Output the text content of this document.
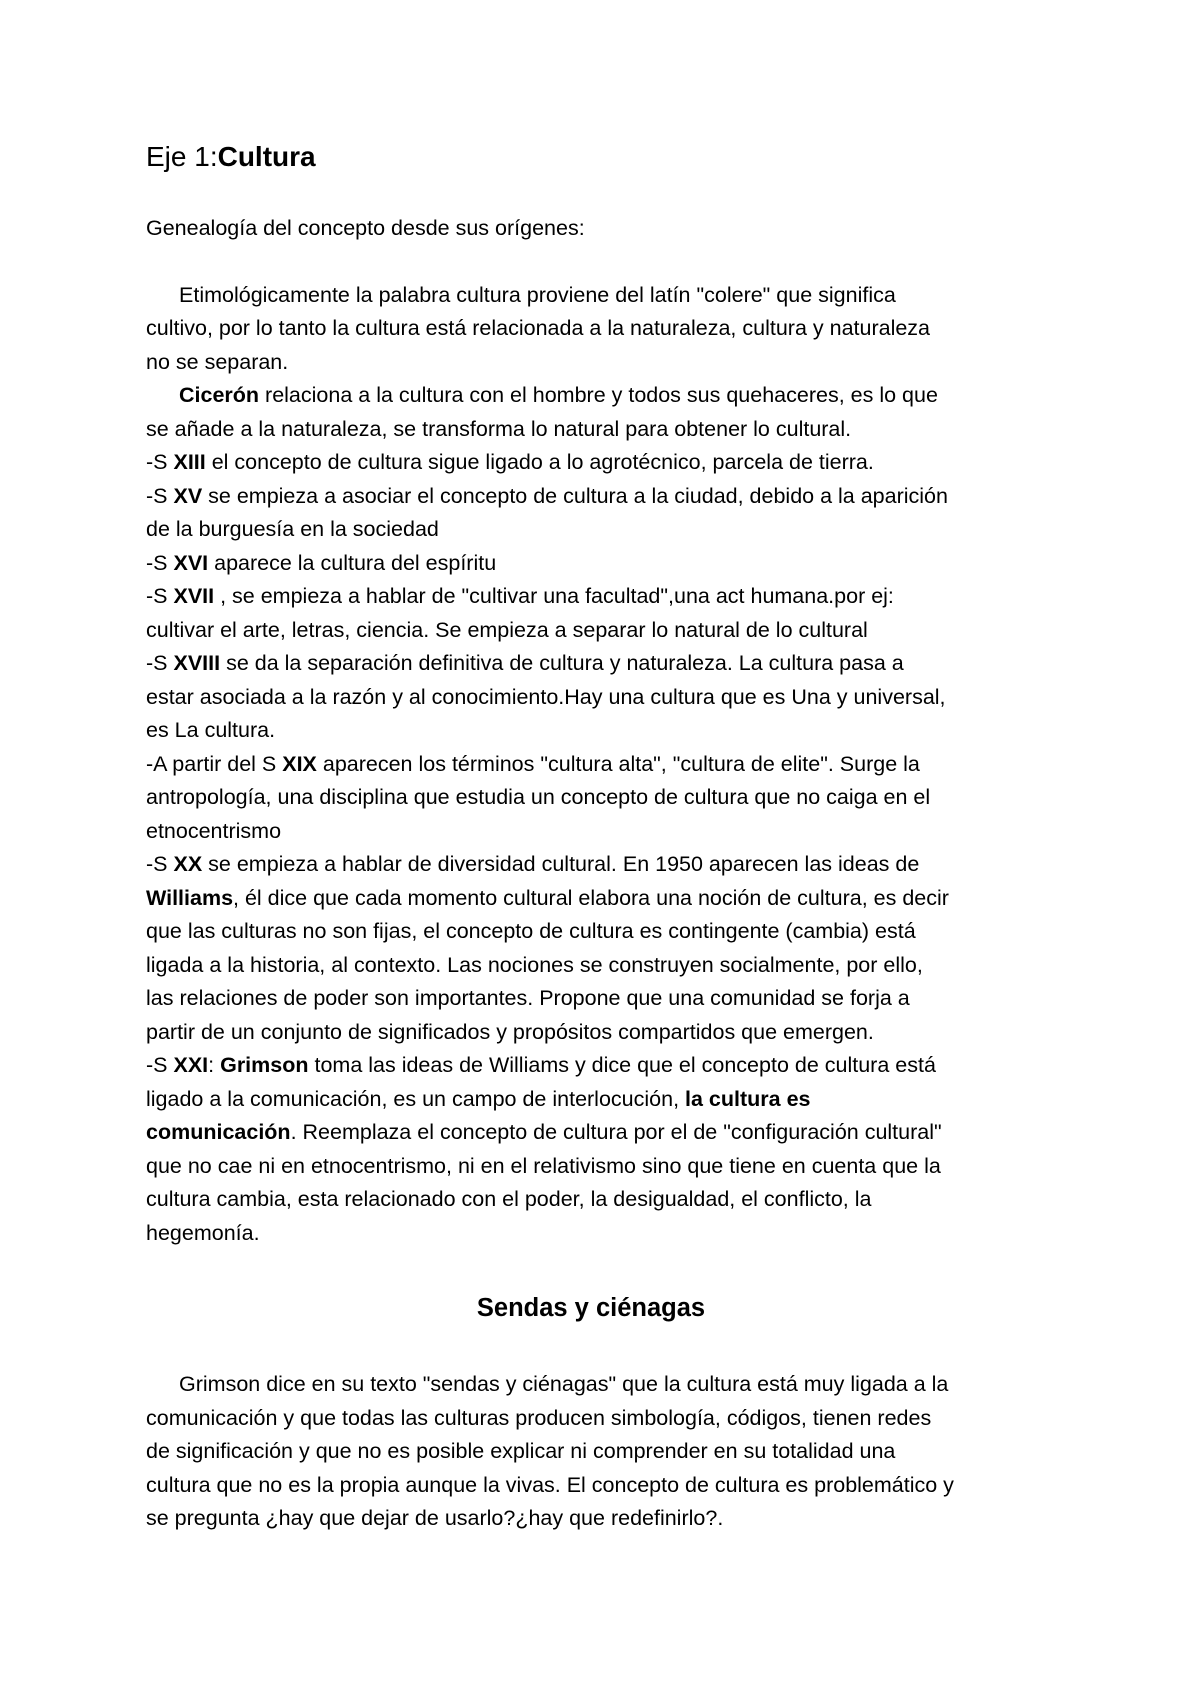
Eje 1:Cultura

Genealogía del concepto desde sus orígenes:

Etimológicamente la palabra cultura proviene del latín "colere" que significa
cultivo, por lo tanto la cultura está relacionada a la naturaleza, cultura y naturaleza
no se separan.
Cicerón relaciona a la cultura con el hombre y todos sus quehaceres, es lo que
se añade a la naturaleza, se transforma lo natural para obtener lo cultural.
-S XIII el concepto de cultura sigue ligado a lo agrotécnico, parcela de tierra.
-S XV se empieza a asociar el concepto de cultura a la ciudad, debido a la aparición
de la burguesía en la sociedad
-S XVI aparece la cultura del espíritu
-S XVII , se empieza a hablar de "cultivar una facultad",una act humana.por ej:
cultivar el arte, letras, ciencia. Se empieza a separar lo natural de lo cultural
-S XVIII se da la separación definitiva de cultura y naturaleza. La cultura pasa a
estar asociada a la razón y al conocimiento.Hay una cultura que es Una y universal,
es La cultura.
-A partir del S XIX aparecen los términos "cultura alta", "cultura de elite". Surge la
antropología, una disciplina que estudia un concepto de cultura que no caiga en el
etnocentrismo
-S XX se empieza a hablar de diversidad cultural. En 1950 aparecen las ideas de
Williams, él dice que cada momento cultural elabora una noción de cultura, es decir
que las culturas no son fijas, el concepto de cultura es contingente (cambia) está
ligada a la historia, al contexto. Las nociones se construyen socialmente, por ello,
las relaciones de poder son importantes. Propone que una comunidad se forja a
partir de un conjunto de significados y propósitos compartidos que emergen.
-S XXI: Grimson toma las ideas de Williams y dice que el concepto de cultura está
ligado a la comunicación, es un campo de interlocución, la cultura es
comunicación. Reemplaza el concepto de cultura por el de "configuración cultural"
que no cae ni en etnocentrismo, ni en el relativismo sino que tiene en cuenta que la
cultura cambia, esta relacionado con el poder, la desigualdad, el conflicto, la
hegemonía.
Sendas y ciénagas
Grimson dice en su texto "sendas y ciénagas" que la cultura está muy ligada a la
comunicación y que todas las culturas producen simbología, códigos, tienen redes
de significación y que no es posible explicar ni comprender en su totalidad una
cultura que no es la propia aunque la vivas. El concepto de cultura es problemático y
se pregunta ¿hay que dejar de usarlo?¿hay que redefinirlo?.
